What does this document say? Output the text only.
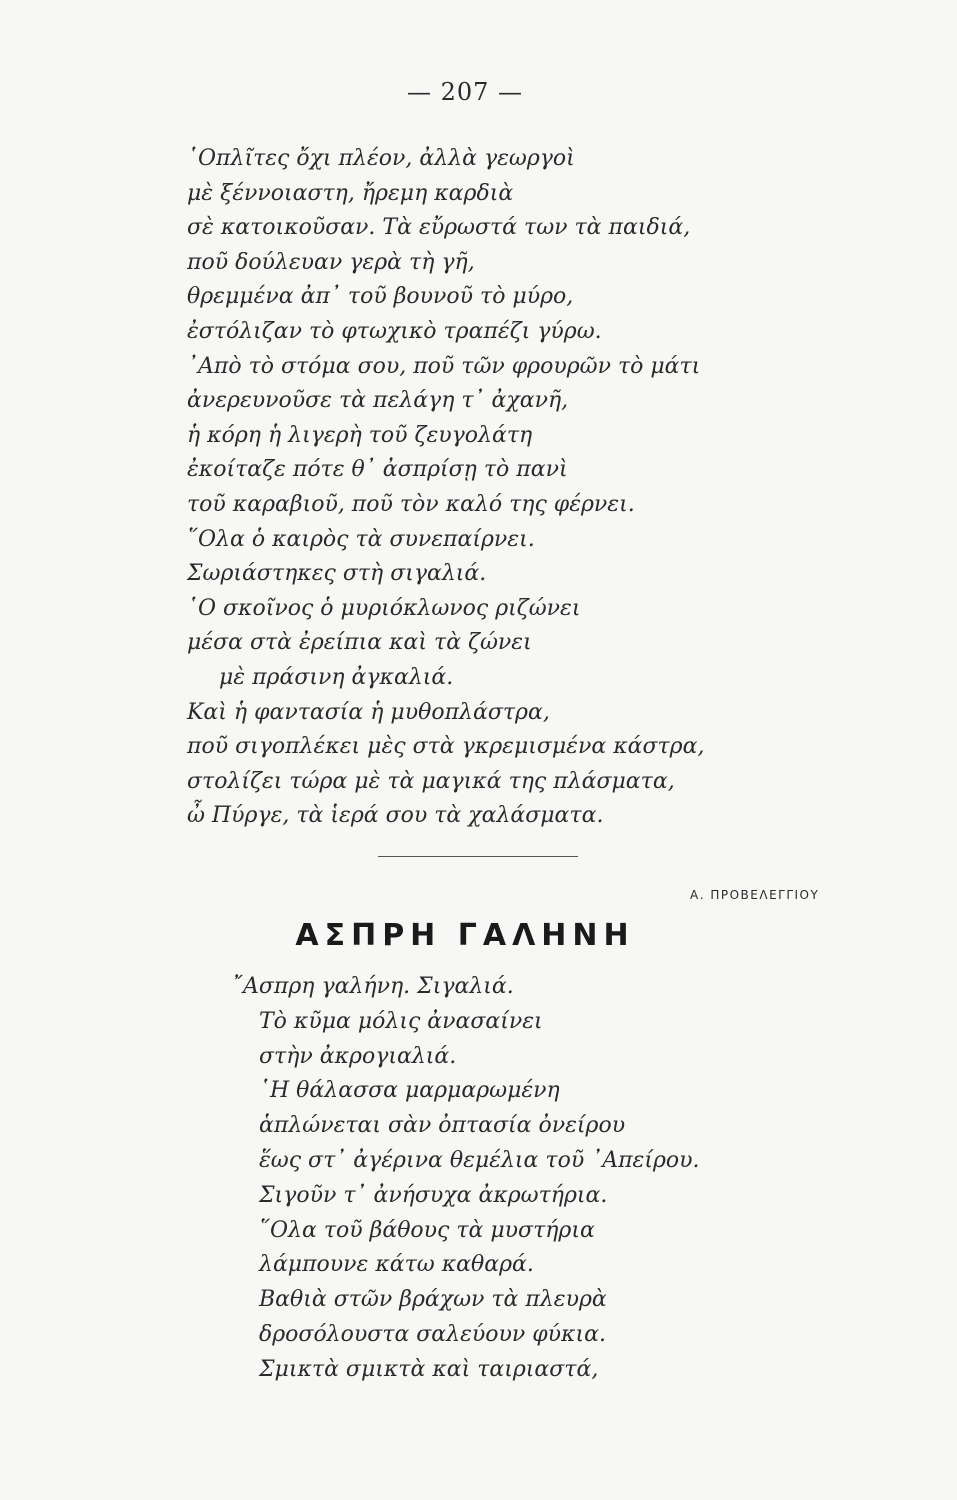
— 207 —
῾Οπλῖτες ὄχι πλέον, ἀλλὰ γεωργοὶ
μὲ ξέννοιαστη, ἤρεμη καρδιὰ
σὲ κατοικοῦσαν. Τὰ εὔρωστά των τὰ παιδιά,
ποῦ δούλευαν γερὰ τὴ γῆ,
θρεμμένα ἀπ᾿ τοῦ βουνοῦ τὸ μύρο,
ἐστόλιζαν τὸ φτωχικὸ τραπέζι γύρω.
᾿Απὸ τὸ στόμα σου, ποῦ τῶν φρουρῶν τὸ μάτι
ἀνερευνοῦσε τὰ πελάγη τ᾿ ἀχανῆ,
ἡ κόρη ἡ λιγερὴ τοῦ ζευγολάτη
ἐκοίταζε πότε θ᾿ ἀσπρίσῃ τὸ πανὶ
τοῦ καραβιοῦ, ποῦ τὸν καλό της φέρνει.
῞Ολα ὁ καιρὸς τὰ συνεπαίρνει.
Σωριάστηκες στὴ σιγαλιά.
῾Ο σκοῖνος ὁ μυριόκλωνος ριζώνει
μέσα στὰ ἐρείπια καὶ τὰ ζώνει
μὲ πράσινη ἀγκαλιά.
Καὶ ἡ φαντασία ἡ μυθοπλάστρα,
ποῦ σιγοπλέκει μὲς στὰ γκρεμισμένα κάστρα,
στολίζει τώρα μὲ τὰ μαγικά της πλάσματα,
ὦ Πύργε, τὰ ἱερά σου τὰ χαλάσματα.
Α. ΠΡΟΒΕΛΕΓΓΙΟΥ
ΑΣΠΡΗ ΓΑΛΗΝΗ
῎Ασπρη γαλήνη. Σιγαλιά.
Τὸ κῦμα μόλις ἀνασαίνει
στὴν ἀκρογιαλιά.
῾Η θάλασσα μαρμαρωμένη
ἁπλώνεται σὰν ὀπτασία ὀνείρου
ἕως στ᾿ ἀγέρινα θεμέλια τοῦ ᾿Απείρου.
Σιγοῦν τ᾿ ἀνήσυχα ἀκρωτήρια.
῞Ολα τοῦ βάθους τὰ μυστήρια
λάμπουνε κάτω καθαρά.
Βαθιὰ στῶν βράχων τὰ πλευρὰ
δροσόλουστα σαλεύουν φύκια.
Σμικτὰ σμικτὰ καὶ ταιριαστά,
